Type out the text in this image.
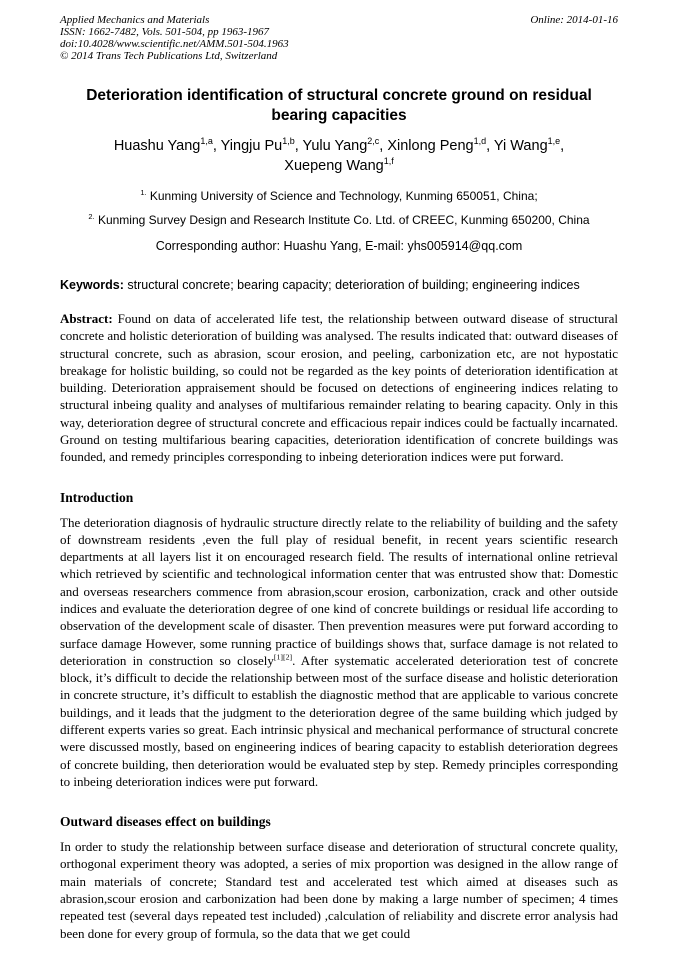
Applied Mechanics and Materials
ISSN: 1662-7482, Vols. 501-504, pp 1963-1967
doi:10.4028/www.scientific.net/AMM.501-504.1963
© 2014 Trans Tech Publications Ltd, Switzerland
Online: 2014-01-16
Deterioration identification of structural concrete ground on residual bearing capacities
Huashu Yang$^{1,a}$, Yingju Pu$^{1,b}$, Yulu Yang$^{2,c}$, Xinlong Peng$^{1,d}$, Yi Wang$^{1,e}$,
Xuepeng Wang$^{1,f}$
$^{1.}$ Kunming University of Science and Technology, Kunming 650051, China;
$^{2.}$ Kunming Survey Design and Research Institute Co. Ltd. of CREEC, Kunming 650200, China
Corresponding author: Huashu Yang, E-mail: yhs005914@qq.com
Keywords: structural concrete; bearing capacity; deterioration of building; engineering indices
Abstract: Found on data of accelerated life test, the relationship between outward disease of structural concrete and holistic deterioration of building was analysed. The results indicated that: outward diseases of structural concrete, such as abrasion, scour erosion, and peeling, carbonization etc, are not hypostatic breakage for holistic building, so could not be regarded as the key points of deterioration identification at building. Deterioration appraisement should be focused on detections of engineering indices relating to structural inbeing quality and analyses of multifarious remainder relating to bearing capacity. Only in this way, deterioration degree of structural concrete and efficacious repair indices could be factually incarnated. Ground on testing multifarious bearing capacities, deterioration identification of concrete buildings was founded, and remedy principles corresponding to inbeing deterioration indices were put forward.
Introduction

The deterioration diagnosis of hydraulic structure directly relate to the reliability of building and the safety of downstream residents ,even the full play of residual benefit, in recent years scientific research departments at all layers list it on encouraged research field. The results of international online retrieval which retrieved by scientific and technological information center that was entrusted show that: Domestic and overseas researchers commence from abrasion,scour erosion, carbonization, crack and other outside indices and evaluate the deterioration degree of one kind of concrete buildings or residual life according to observation of the development scale of disaster. Then prevention measures were put forward according to surface damage However, some running practice of buildings shows that, surface damage is not related to deterioration in construction so closely[1][2]. After systematic accelerated deterioration test of concrete block, it’s difficult to decide the relationship between most of the surface disease and holistic deterioration in concrete structure, it’s difficult to establish the diagnostic method that are applicable to various concrete buildings, and it leads that the judgment to the deterioration degree of the same building which judged by different experts varies so great. Each intrinsic physical and mechanical performance of structural concrete were discussed mostly, based on engineering indices of bearing capacity to establish deterioration degrees of concrete building, then deterioration would be evaluated step by step. Remedy principles corresponding to inbeing deterioration indices were put forward.

Outward diseases effect on buildings

In order to study the relationship between surface disease and deterioration of structural concrete quality, orthogonal experiment theory was adopted, a series of mix proportion was designed in the allow range of main materials of concrete; Standard test and accelerated test which aimed at diseases such as abrasion,scour erosion and carbonization had been done by making a large number of specimen; 4 times repeated test (several days repeated test included) ,calculation of reliability and discrete error analysis had been done for every group of formula, so the data that we get could
